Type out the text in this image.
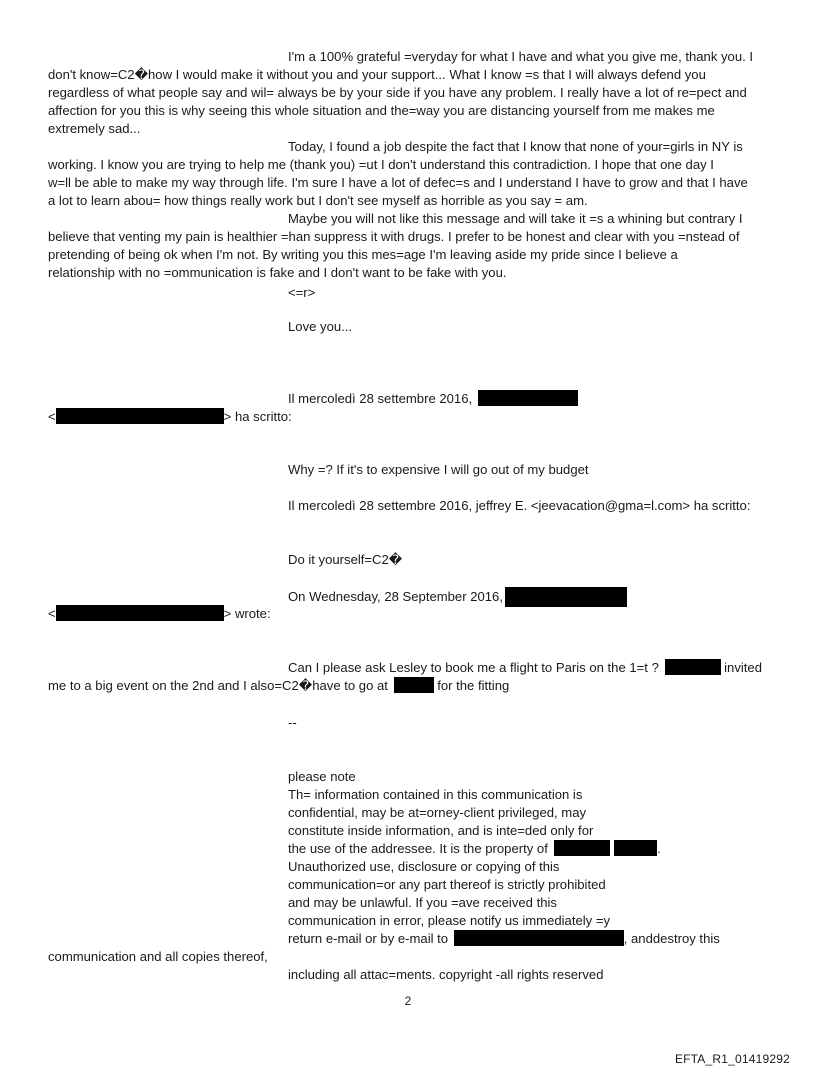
I'm a 100% grateful =veryday for what I have and what you give me, thank you. I
don't know=C2�how I would make it without you and your support... What I know =s that I will always defend you
regardless of what people say and wil= always be by your side if you have any problem. I really have a lot of re=pect and
affection for you this is why seeing this whole situation and the=way you are distancing yourself from me makes me
extremely sad...
Today, I found a job despite the fact that I know that none of your=girls in NY is
working. I know you are trying to help me (thank you) =ut I don't understand this contradiction. I hope that one day I
w=ll be able to make my way through life. I'm sure I have a lot of defec=s and I understand I have to grow and that I have
a lot to learn abou= how things really work but I don't see myself as horrible as you say = am.
Maybe you will not like this message and will take it =s a whining but contrary I
believe that venting my pain is healthier =han suppress it with drugs. I prefer to be honest and clear with you =nstead of
pretending of being ok when I'm not. By writing you this mes=age I'm leaving aside my pride since I believe a
relationship with no =ommunication is fake and I don't want to be fake with you.
<=r>
Love you...
Il mercoledì 28 settembre 2016,
<	> ha scritto:
Why =? If it's to expensive I will go out of my budget
Il mercoledì 28 settembre 2016, jeffrey E. <jeevacation@gma=l.com> ha scritto:
Do it yourself=C2�
On Wednesday, 28 September 2016,
<	> wrote:
Can I please ask Lesley to book me a flight to Paris on the 1=t ?	invited
me to a big event on the 2nd and I also=C2�have to go at	for the fitting
--
please note
Th= information contained in this communication is
confidential, may be at=orney-client privileged, may
constitute inside information, and is inte=ded only for
the use of the addressee. It is the property of	.
Unauthorized use, disclosure or copying of this
communication=or any part thereof is strictly prohibited
and may be unlawful. If you =ave received this
communication in error, please notify us immediately =y
return e-mail or by e-mail to	, anddestroy this
communication and all copies thereof,
including all attac=ments. copyright -all rights reserved
2
EFTA_R1_01419292
